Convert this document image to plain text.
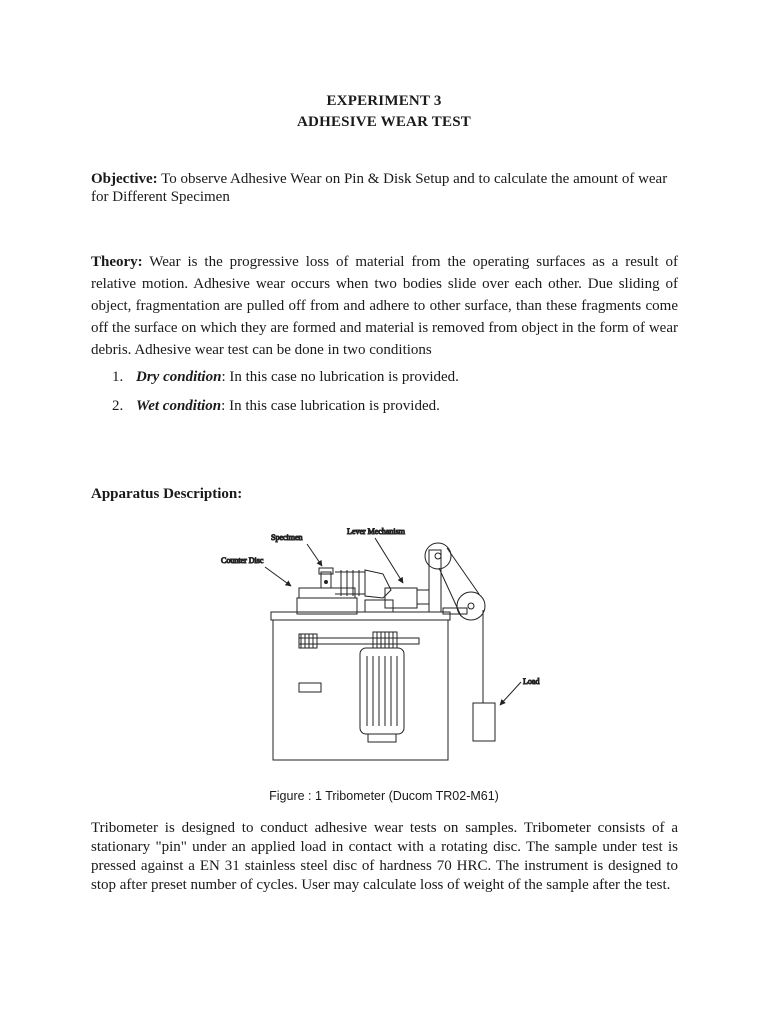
EXPERIMENT 3
ADHESIVE WEAR TEST
Objective: To observe Adhesive Wear on Pin & Disk Setup and to calculate the amount of wear for Different Specimen
Theory: Wear is the progressive loss of material from the operating surfaces as a result of relative motion. Adhesive wear occurs when two bodies slide over each other. Due sliding of object, fragmentation are pulled off from and adhere to other surface, than these fragments come off the surface on which they are formed and material is removed from object in the form of wear debris. Adhesive wear test can be done in two conditions
1. Dry condition: In this case no lubrication is provided.
2. Wet condition: In this case lubrication is provided.
Apparatus Description:
Specimen
Lever Mechanism
Counter Disc
Load
Figure : 1 Tribometer (Ducom TR02-M61)
Tribometer is designed to conduct adhesive wear tests on samples. Tribometer consists of a stationary "pin" under an applied load in contact with a rotating disc. The sample under test is pressed against a EN 31 stainless steel disc of hardness 70 HRC. The instrument is designed to stop after preset number of cycles. User may calculate loss of weight of the sample after the test.
